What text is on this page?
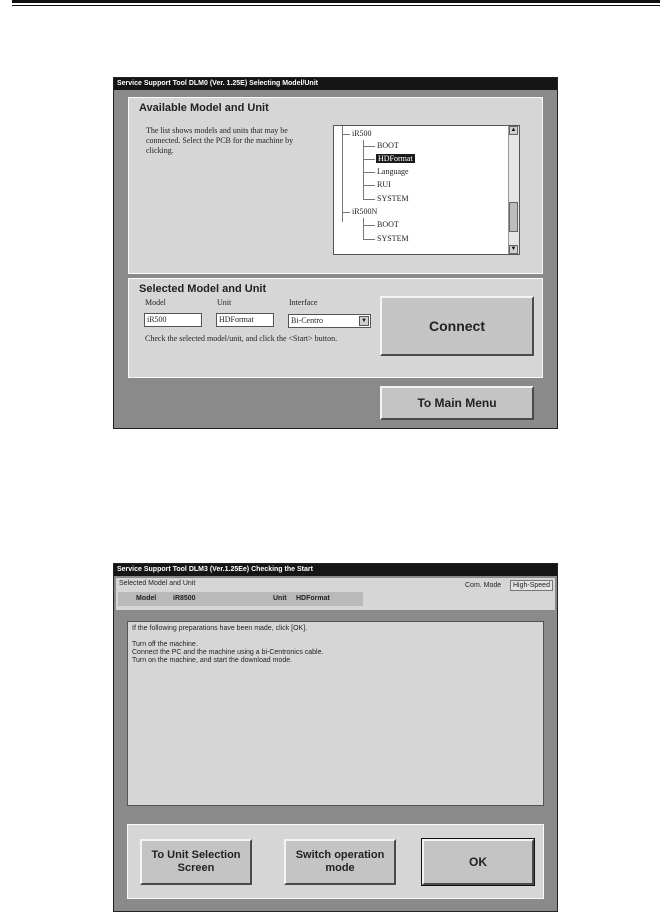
Service Support Tool DLM0 (Ver. 1.25E) Selecting Model/Unit
Available Model and Unit
The list shows models and units that may be connected. Select the PCB for the machine by clicking.
Selected Model and Unit
To Main Menu
iR500
BOOT
HDFormat
Language
RUI
SYSTEM
iR500N
BOOT
SYSTEM
▲
▼
Model
iR500
Unit
HDFormat
Interface
Bi-Centro	▼
Check the selected model/unit, and click the <Start> button.
Connect
Service Support Tool DLM3 (Ver.1.25Ee) Checking the Start
Selected Model and Unit
Model iR8500	Unit HDFormat
Com. Mode	High-Speed
If the following preparations have been made, click [OK].
Turn off the machine.
Connect the PC and the machine using a bi-Centronics cable.
Turn on the machine, and start the download mode.
To Unit Selection Screen
Switch operation mode	OK
